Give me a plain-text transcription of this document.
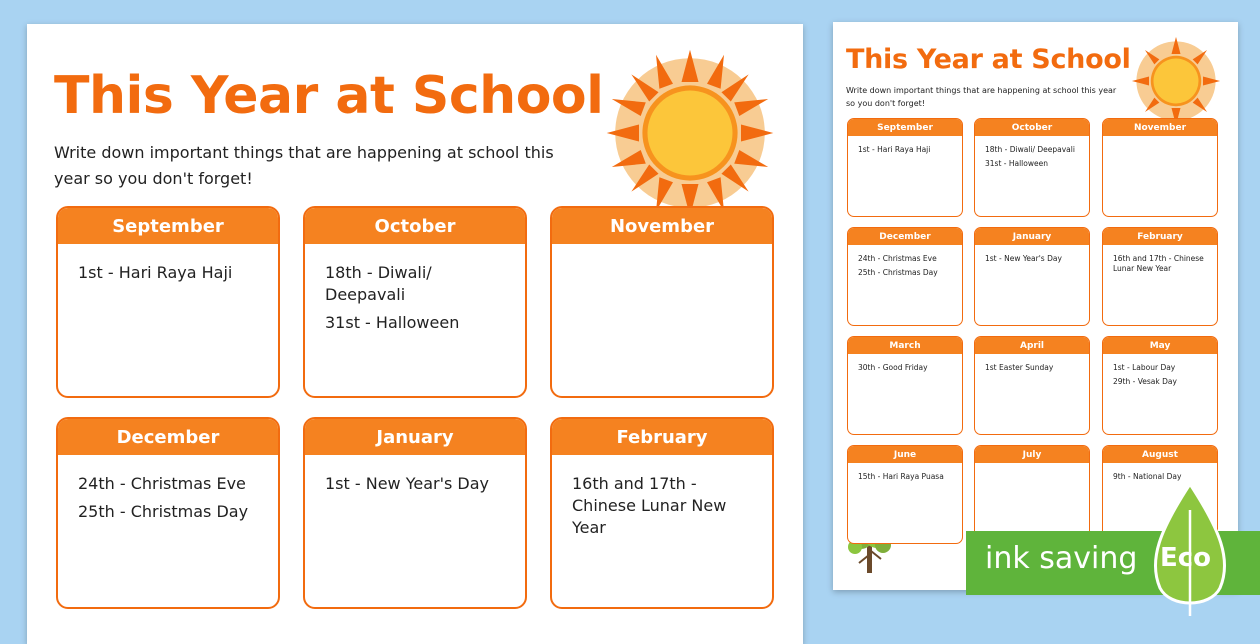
This Year at School
Write down important things that are happening at school this year so you don't forget!
September
1st - Hari Raya Haji
October
18th - Diwali/ Deepavali
31st - Halloween
November
December
24th - Christmas Eve
25th - Christmas Day
January
1st - New Year's Day
February
16th and 17th - Chinese Lunar New Year
This Year at School
Write down important things that are happening at school this year so you don't forget!
September
1st - Hari Raya Haji
October
18th - Diwali/ Deepavali
31st - Halloween
November
December
24th - Christmas Eve
25th - Christmas Day
January
1st - New Year's Day
February
16th and 17th - Chinese Lunar New Year
March
30th - Good Friday
April
1st Easter Sunday
May
1st - Labour Day
29th - Vesak Day
June
15th - Hari Raya Puasa
July	August
9th - National Day
ink saving Eco
